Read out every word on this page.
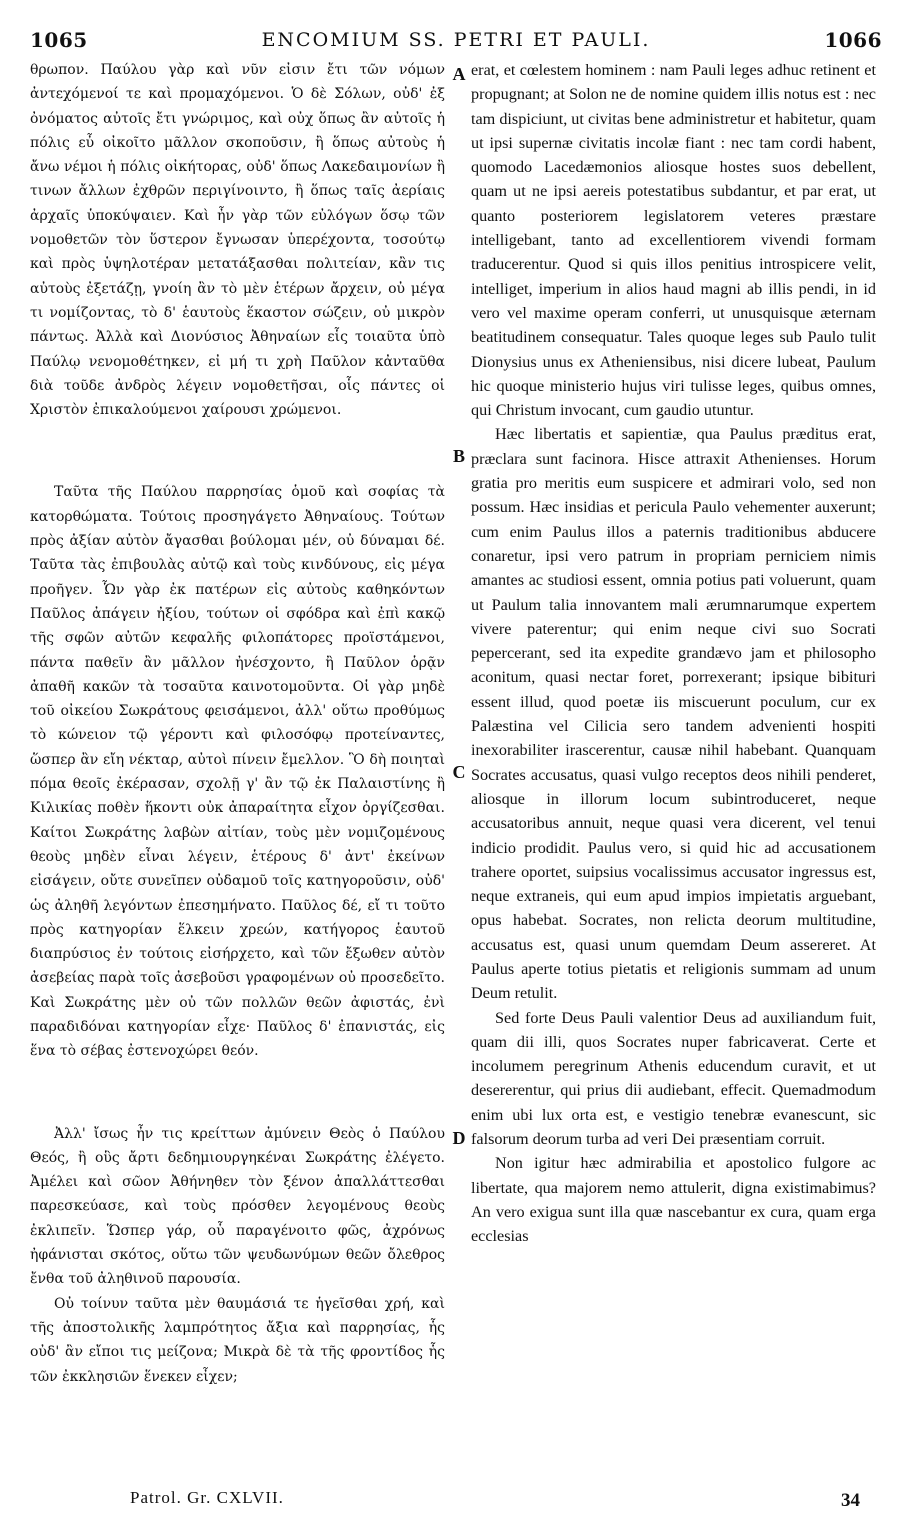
1065	ENCOMIUM SS. PETRI ET PAULI.	1066

θρωπον. Παύλου γὰρ καὶ νῦν εἰσιν ἔτι τῶν νόμων ἀντεχόμενοί τε καὶ προμαχόμενοι. Ὁ δὲ Σόλων, οὐδ' ἐξ ὀνόματος αὐτοῖς ἔτι γνώριμος, καὶ οὐχ ὅπως ἂν αὐτοῖς ἡ πόλις εὖ οἰκοῖτο μᾶλλον σκοποῦσιν, ἢ ὅπως αὐτοὺς ἡ ἄνω νέμοι ἡ πόλις οἰκήτορας, οὐδ' ὅπως Λακεδαιμονίων ἢ τινων ἄλλων ἐχθρῶν περιγίνοιντο, ἢ ὅπως ταῖς ἀερίαις ἀρχαῖς ὑποκύψαιεν. Καὶ ἦν γὰρ τῶν εὐλόγων ὅσῳ τῶν νομοθετῶν τὸν ὕστερον ἔγνωσαν ὑπερέχοντα, τοσούτῳ καὶ πρὸς ὑψηλοτέραν μετατάξασθαι πολιτείαν, κἂν τις αὐτοὺς ἐξετάζῃ, γνοίη ἂν τὸ μὲν ἑτέρων ἄρχειν, οὐ μέγα τι νομίζοντας, τὸ δ' ἑαυτοὺς ἕκαστον σώζειν, οὐ μικρὸν πάντως. Ἀλλὰ καὶ Διονύσιος Ἀθηναίων εἷς τοιαῦτα ὑπὸ Παύλῳ νενομοθέτηκεν, εἰ μή τι χρὴ Παῦλον κἀνταῦθα διὰ τοῦδε ἀνδρὸς λέγειν νομοθετῆσαι, οἷς πάντες οἱ Χριστὸν ἐπικαλούμενοι χαίρουσι χρώμενοι.

Ταῦτα τῆς Παύλου παρρησίας ὁμοῦ καὶ σοφίας τὰ κατορθώματα. Τούτοις προσηγάγετο Ἀθηναίους. Τούτων πρὸς ἀξίαν αὐτὸν ἄγασθαι βούλομαι μέν, οὐ δύναμαι δέ. Ταῦτα τὰς ἐπιβουλὰς αὐτῷ καὶ τοὺς κινδύνους, εἰς μέγα προῆγεν. Ὧν γὰρ ἐκ πατέρων εἰς αὐτοὺς καθηκόντων Παῦλος ἀπάγειν ἠξίου, τούτων οἱ σφόδρα καὶ ἐπὶ κακῷ τῆς σφῶν αὐτῶν κεφαλῆς φιλοπάτορες προϊστάμενοι, πάντα παθεῖν ἂν μᾶλλον ἠνέσχοντο, ἢ Παῦλον ὁρᾷν ἀπαθῆ κακῶν τὰ τοσαῦτα καινοτομοῦντα. Οἱ γὰρ μηδὲ τοῦ οἰκείου Σωκράτους φεισάμενοι, ἀλλ' οὕτω προθύμως τὸ κώνειον τῷ γέροντι καὶ φιλοσόφῳ προτείναντες, ὥσπερ ἂν εἴη νέκταρ, αὐτοὶ πίνειν ἔμελλον. Ὃ δὴ ποιηταὶ πόμα θεοῖς ἐκέρασαν, σχολῇ γ' ἂν τῷ ἐκ Παλαιστίνης ἢ Κιλικίας ποθὲν ἥκοντι οὐκ ἀπαραίτητα εἶχον ὀργίζεσθαι. Καίτοι Σωκράτης λαβὼν αἰτίαν, τοὺς μὲν νομιζομένους θεοὺς μηδὲν εἶναι λέγειν, ἑτέρους δ' ἀντ' ἐκείνων εἰσάγειν, οὔτε συνεῖπεν οὐδαμοῦ τοῖς κατηγοροῦσιν, οὐδ' ὡς ἀληθῆ λεγόντων ἐπεσημήνατο. Παῦλος δέ, εἴ τι τοῦτο πρὸς κατηγορίαν ἕλκειν χρεών, κατήγορος ἑαυτοῦ διαπρύσιος ἐν τούτοις εἰσήρχετο, καὶ τῶν ἔξωθεν αὐτὸν ἀσεβείας παρὰ τοῖς ἀσεβοῦσι γραφομένων οὐ προσεδεῖτο. Καὶ Σωκράτης μὲν οὐ τῶν πολλῶν θεῶν ἀφιστάς, ἐνὶ παραδιδόναι κατηγορίαν εἶχε· Παῦλος δ' ἐπανιστάς, εἰς ἕνα τὸ σέβας ἐστενοχώρει θεόν.

Ἀλλ' ἴσως ἦν τις κρείττων ἀμύνειν Θεὸς ὁ Παύλου Θεός, ἢ οὓς ἄρτι δεδημιουργηκέναι Σωκράτης ἐλέγετο. Ἀμέλει καὶ σῶον Ἀθήνηθεν τὸν ξένον ἀπαλλάττεσθαι παρεσκεύασε, καὶ τοὺς πρόσθεν λεγομένους θεοὺς ἐκλιπεῖν. Ὥσπερ γάρ, οὗ παραγένοιτο φῶς, ἀχρόνως ἠφάνισται σκότος, οὕτω τῶν ψευδωνύμων θεῶν ὄλεθρος ἔνθα τοῦ ἀληθινοῦ παρουσία.

Οὐ τοίνυν ταῦτα μὲν θαυμάσιά τε ἡγεῖσθαι χρή, καὶ τῆς ἀποστολικῆς λαμπρότητος ἄξια καὶ παρρησίας, ἧς οὐδ' ἂν εἴποι τις μείζονα; Μικρὰ δὲ τὰ τῆς φροντίδος ἧς τῶν ἐκκλησιῶν ἕνεκεν εἶχεν;

A
B
C
D

erat, et cœlestem hominem : nam Pauli leges adhuc retinent et propugnant; at Solon ne de nomine quidem illis notus est : nec tam dispiciunt, ut civitas bene administretur et habitetur, quam ut ipsi supernæ civitatis incolæ fiant : nec tam cordi habent, quomodo Lacedæmonios aliosque hostes suos debellent, quam ut ne ipsi aereis potestatibus subdantur, et par erat, ut quanto posteriorem legislatorem veteres præstare intelligebant, tanto ad excellentiorem vivendi formam traducerentur. Quod si quis illos penitius introspicere velit, intelliget, imperium in alios haud magni ab illis pendi, in id vero vel maxime operam conferri, ut unusquisque æternam beatitudinem consequatur. Tales quoque leges sub Paulo tulit Dionysius unus ex Atheniensibus, nisi dicere lubeat, Paulum hic quoque ministerio hujus viri tulisse leges, quibus omnes, qui Christum invocant, cum gaudio utuntur.

Hæc libertatis et sapientiæ, qua Paulus præditus erat, præclara sunt facinora. Hisce attraxit Athenienses. Horum gratia pro meritis eum suspicere et admirari volo, sed non possum. Hæc insidias et pericula Paulo vehementer auxerunt; cum enim Paulus illos a paternis traditionibus abducere conaretur, ipsi vero patrum in propriam perniciem nimis amantes ac studiosi essent, omnia potius pati voluerunt, quam ut Paulum talia innovantem mali ærumnarumque expertem vivere paterentur; qui enim neque civi suo Socrati pepercerant, sed ita expedite grandævo jam et philosopho aconitum, quasi nectar foret, porrexerant; ipsique bibituri essent illud, quod poetæ iis miscuerunt poculum, cur ex Palæstina vel Cilicia sero tandem advenienti hospiti inexorabiliter irascerentur, causæ nihil habebant. Quanquam Socrates accusatus, quasi vulgo receptos deos nihili penderet, aliosque in illorum locum subintroduceret, neque accusatoribus annuit, neque quasi vera dicerent, vel tenui indicio prodidit. Paulus vero, si quid hic ad accusationem trahere oportet, suipsius vocalissimus accusator ingressus est, neque extraneis, qui eum apud impios impietatis arguebant, opus habebat. Socrates, non relicta deorum multitudine, accusatus est, quasi unum quemdam Deum assereret. At Paulus aperte totius pietatis et religionis summam ad unum Deum retulit.

Sed forte Deus Pauli valentior Deus ad auxiliandum fuit, quam dii illi, quos Socrates nuper fabricaverat. Certe et incolumem peregrinum Athenis educendum curavit, et ut desererentur, qui prius dii audiebant, effecit. Quemadmodum enim ubi lux orta est, e vestigio tenebræ evanescunt, sic falsorum deorum turba ad veri Dei præsentiam corruit.

Non igitur hæc admirabilia et apostolico fulgore ac libertate, qua majorem nemo attulerit, digna existimabimus? An vero exigua sunt illa quæ nascebantur ex cura, quam erga ecclesias

Patrol. Gr. CXLVII.	34
